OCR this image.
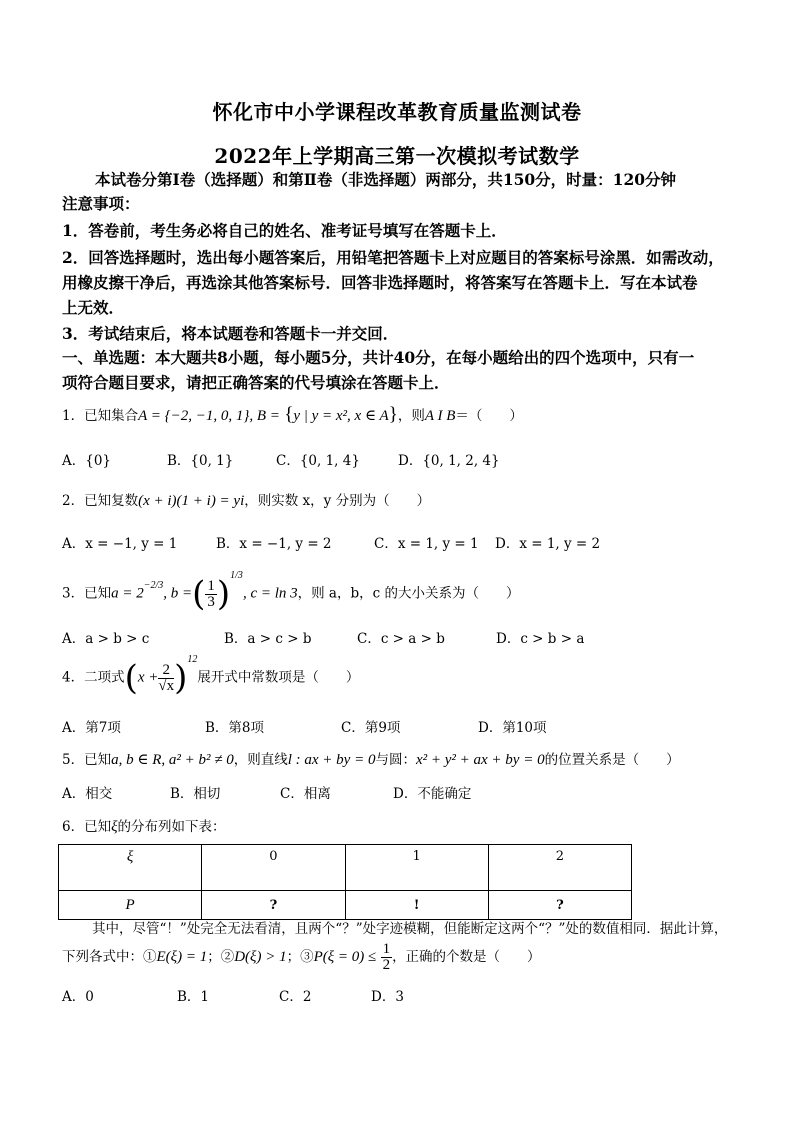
怀化市中小学课程改革教育质量监测试卷
2022年上学期高三第一次模拟考试数学
本试卷分第Ⅰ卷（选择题）和第Ⅱ卷（非选择题）两部分，共150分，时量：120分钟
注意事项：
1．答卷前，考生务必将自己的姓名、准考证号填写在答题卡上．
2．回答选择题时，选出每小题答案后，用铅笔把答题卡上对应题目的答案标号涂黑．如需改动，
用橡皮擦干净后，再选涂其他答案标号．回答非选择题时，将答案写在答题卡上．写在本试卷
上无效．
3．考试结束后，将本试题卷和答题卡一并交回．
一、单选题：本大题共8小题，每小题5分，共计40分，在每小题给出的四个选项中，只有一
项符合题目要求，请把正确答案的代号填涂在答题卡上．
1．已知集合A = {−2, −1, 0, 1}, B = {y | y = x², x ∈ A}，则A I B＝（　　）
A．{0}	B．{0, 1}	C．{0, 1, 4}	D．{0, 1, 2, 4}
2．已知复数(x + i)(1 + i) = yi，则实数 x，y 分别为（　　）
A．x = −1, y = 1	B．x = −1, y = 2	C．x = 1, y = 1 D．x = 1, y = 2
3．已知$a = 2^{-2/3}$, b =( $\frac{1}{3} )^{1/3}$, c = ln 3，则 a，b，c 的大小关系为（　　）
A．a > b > c	B．a > c > b	C．c > a > b	D．c > b > a
4．二项式$(x + \frac{2}{√x} )^{12}$展开式中常数项是（　　）
A．第7项	B．第8项	C．第9项	D．第10项
5．已知a, b ∈ R, a² + b² ≠ 0，则直线l : ax + by = 0与圆：x² + y² + ax + by = 0的位置关系是（　　）
A．相交	B．相切	C．相离	D．不能确定
6．已知ξ的分布列如下表：
ξ	0	1	2
P	?	!	?
其中，尽管“！”处完全无法看清，且两个“？”处字迹模糊，但能断定这两个“？”处的数值相同．据此计算，
下列各式中：①E(ξ) = 1；②D(ξ) > 1；③P(ξ = $0) \le \frac{1}{2}$ ，正确的个数是（　　）
A．0	B．1	C．2	D．3
